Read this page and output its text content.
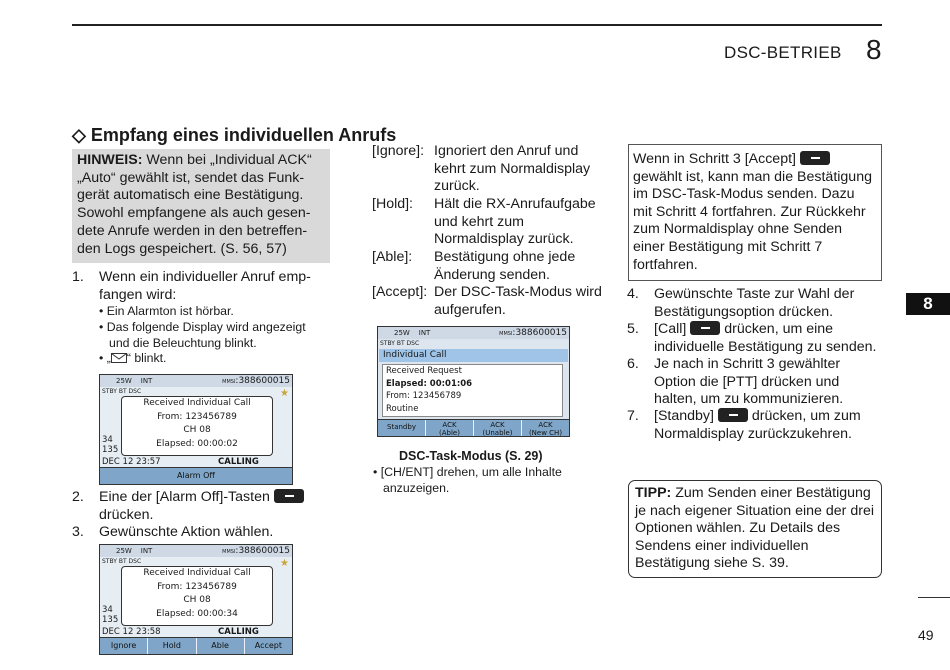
DSC-BETRIEB 8
8
◇ Empfang eines individuellen Anrufs
HINWEIS: Wenn bei „Individual ACK“ „Auto“ gewählt ist, sendet das Funkgerät automatisch eine Bestätigung. Sowohl empfangene als auch gesendete Anrufe werden in den betreffenden Logs gespeichert. (S. 56, 57)
1.	Wenn ein individueller Anruf empfangen wird:
• Ein Alarmton ist hörbar.
• Das folgende Display wird angezeigt
und die Beleuchtung blinkt.
• „ “ blinkt.
25W INT	MMSI:388600015
STBY BT DSC	★
34
135
Received Individual Call
From: 123456789
CH 08
Elapsed: 00:00:02
DEC 12 23:57	CALLING
Alarm Off
2.	Eine der [Alarm Off]-Tasten
drücken.
3.	Gewünschte Aktion wählen.
25W INT	MMSI:388600015
STBY BT DSC	★
34
135
Received Individual Call
From: 123456789
CH 08
Elapsed: 00:00:34
DEC 12 23:58	CALLING
Ignore	Hold	Able	Accept
[Ignore]: Ignoriert den Anruf und kehrt zum Normaldisplay zurück.
[Hold]: Hält die RX-Anrufaufgabe und kehrt zum Normaldisplay zurück.
[Able]: Bestätigung ohne jede Änderung senden.
[Accept]: Der DSC-Task-Modus wird aufgerufen.
25W INT	MMSI:388600015
STBY BT DSC
Individual Call
Received Request
Elapsed: 00:01:06
From: 123456789
Routine
Standby	ACK
(Able)
ACK
(Unable)
ACK
(New CH)
DSC-Task-Modus (S. 29)
• [CH/ENT] drehen, um alle Inhalte
anzuzeigen.
Wenn in Schritt 3 [Accept]  gewählt ist, kann man die Bestätigung im DSC-Task-Modus senden. Dazu mit Schritt 4 fortfahren. Zur Rückkehr zum Normaldisplay ohne Senden einer Bestätigung mit Schritt 7 fortfahren.
4.	Gewünschte Taste zur Wahl der Bestätigungsoption drücken.
5.	[Call]  drücken, um eine individuelle Bestätigung zu senden.
6.	Je nach in Schritt 3 gewählter Option die [PTT] drücken und halten, um zu kommunizieren.
7.	[Standby]  drücken, um zum Normaldisplay zurückzukehren.
TIPP: Zum Senden einer Bestätigung je nach eigener Situation eine der drei Optionen wählen. Zu Details des Sendens einer individuellen Bestätigung siehe S. 39.
49
